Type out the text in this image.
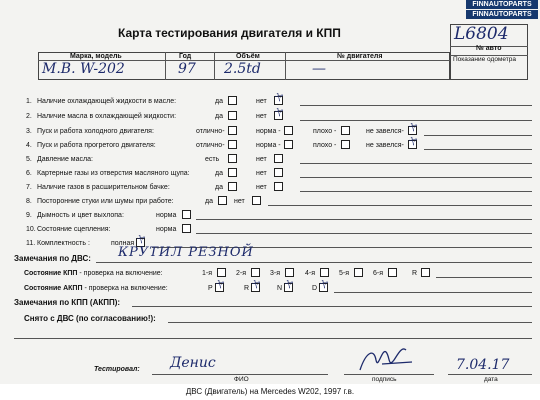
FINNAUTOPARTS
FINNAUTOPARTS
Карта тестирования двигателя и КПП	L6804
№ авто
Показание одометра
Марка, модель	Год	Объём	№ двигателя
M.B. W-202	97 2.5td	—
1. Наличие охлаждающей жидкости в масле:	да	нет ヤ
2. Наличие масла в охлаждающей жидкости:	да	нет ヤ
3. Пуск и работа холодного двигателя:	отлично-	норма -	плохо -	не завелся- ヤ
4. Пуск и работа прогретого двигателя:	отлично-	норма -	плохо -	не завелся- ヤ
5. Давление масла:	есть	нет
6. Картерные газы из отверстия масляного щупа:	да	нет
7. Наличие газов в расширительном бачке:	да	нет
8. Посторонние стуки или шумы при работе:	да	нет
9. Дымность и цвет выхлопа:	норма
10. Состояние сцепления:	норма
11. Комплектность :	полная ヤ
Замечания по ДВС: КРУТИЛ РЕЗНОЙ
Состояние КПП - проверка на включение:	1-я	2-я	3-я	4-я	5-я	6-я	R
Состояние АКПП - проверка на включение:	P ヤ	R ヤ N ヤ	D ヤ
Замечания по КПП (АКПП):
Снято с ДВС (по согласованию!):
Тестировал: Денис
ФИО	подпись
7.04.17
дата
ДВС (Двигатель) на Mercedes W202, 1997 г.в.
